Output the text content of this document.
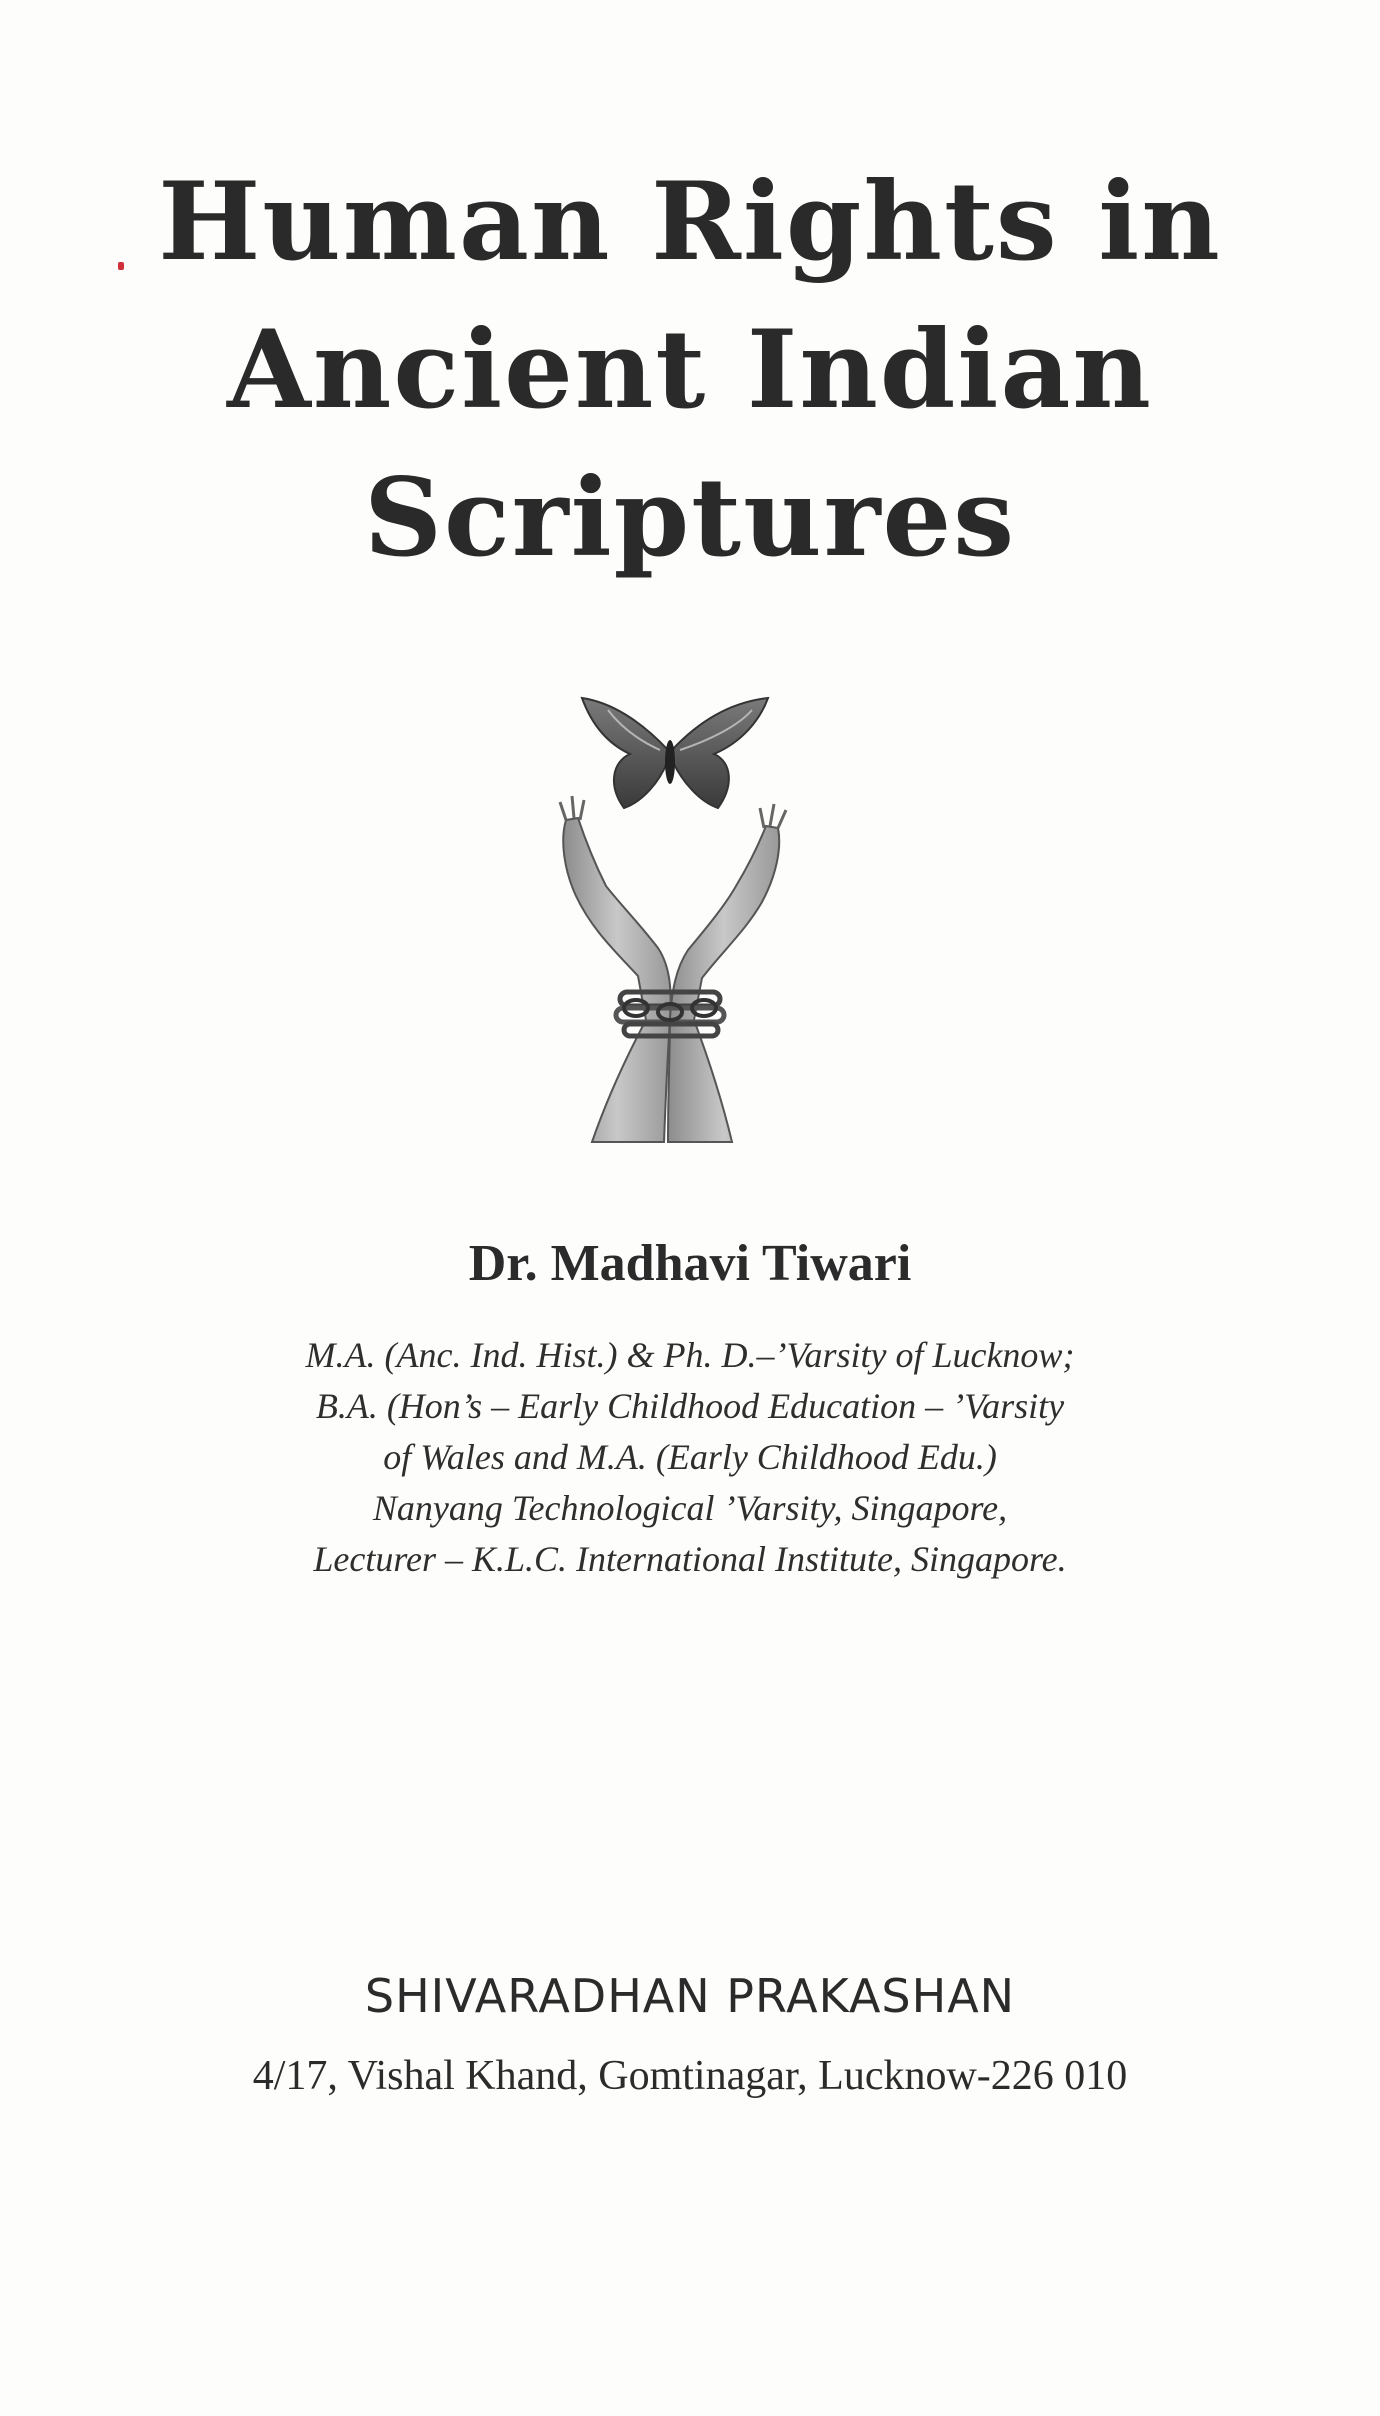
Human Rights in
Ancient Indian
Scriptures
Dr. Madhavi Tiwari
M.A. (Anc. Ind. Hist.) & Ph. D.–’Varsity of Lucknow;
B.A. (Hon’s – Early Childhood Education – ’Varsity
of Wales and M.A. (Early Childhood Edu.)
Nanyang Technological ’Varsity, Singapore,
Lecturer – K.L.C. International Institute, Singapore.
SHIVARADHAN PRAKASHAN
4/17, Vishal Khand, Gomtinagar, Lucknow-226 010
